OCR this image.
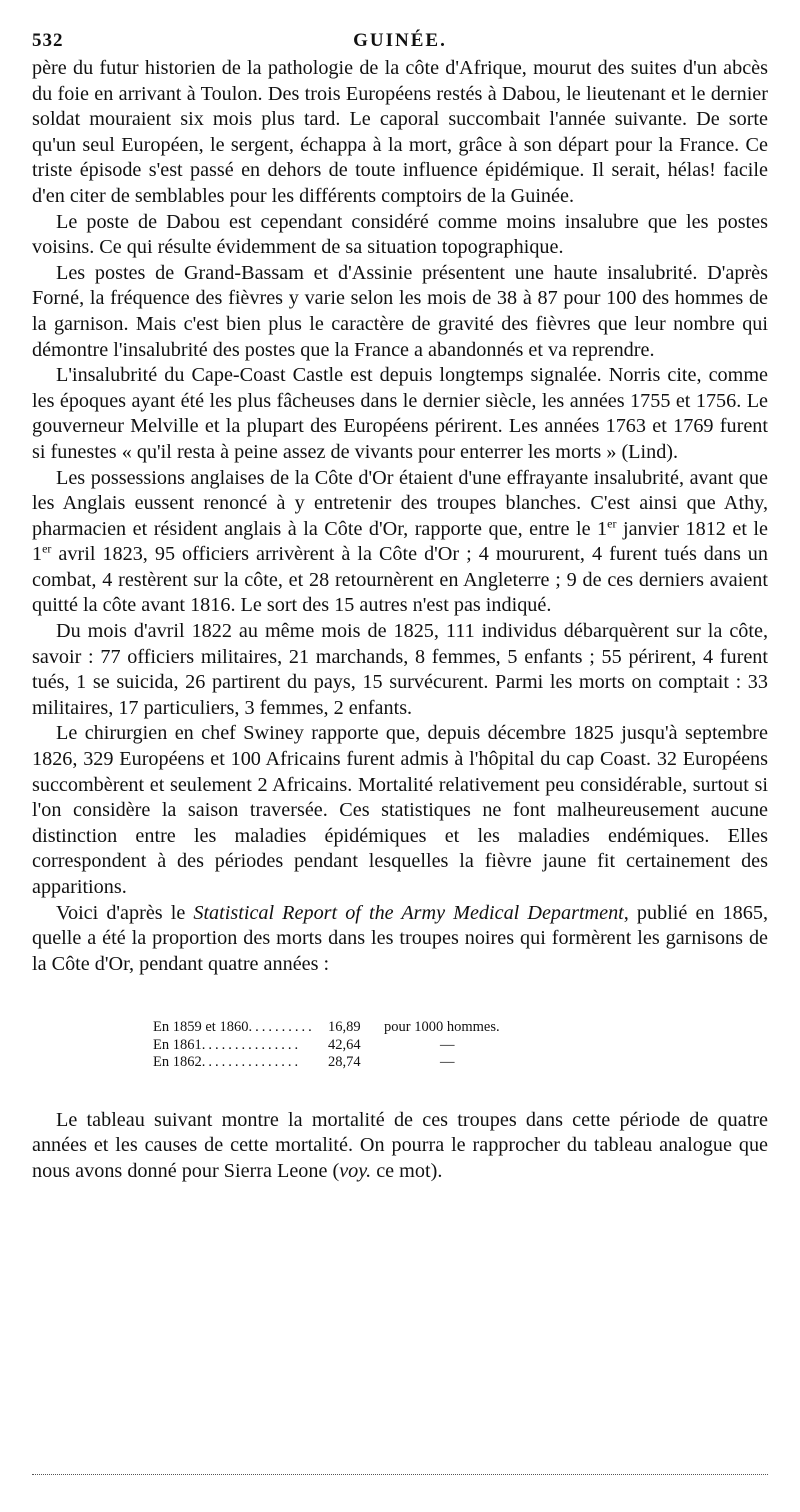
532	GUINÉE.

père du futur historien de la pathologie de la côte d'Afrique, mourut des suites d'un abcès du foie en arrivant à Toulon. Des trois Européens restés à Dabou, le lieutenant et le dernier soldat mouraient six mois plus tard. Le caporal succombait l'année suivante. De sorte qu'un seul Européen, le sergent, échappa à la mort, grâce à son départ pour la France. Ce triste épisode s'est passé en dehors de toute influence épidémique. Il serait, hélas! facile d'en citer de semblables pour les différents comptoirs de la Guinée.

Le poste de Dabou est cependant considéré comme moins insalubre que les postes voisins. Ce qui résulte évidemment de sa situation topographique.

Les postes de Grand-Bassam et d'Assinie présentent une haute insalubrité. D'après Forné, la fréquence des fièvres y varie selon les mois de 38 à 87 pour 100 des hommes de la garnison. Mais c'est bien plus le caractère de gravité des fièvres que leur nombre qui démontre l'insalubrité des postes que la France a abandonnés et va reprendre.

L'insalubrité du Cape-Coast Castle est depuis longtemps signalée. Norris cite, comme les époques ayant été les plus fâcheuses dans le dernier siècle, les années 1755 et 1756. Le gouverneur Melville et la plupart des Européens périrent. Les années 1763 et 1769 furent si funestes « qu'il resta à peine assez de vivants pour enterrer les morts » (Lind).

Les possessions anglaises de la Côte d'Or étaient d'une effrayante insalubrité, avant que les Anglais eussent renoncé à y entretenir des troupes blanches. C'est ainsi que Athy, pharmacien et résident anglais à la Côte d'Or, rapporte que, entre le 1er janvier 1812 et le 1er avril 1823, 95 officiers arrivèrent à la Côte d'Or ; 4 moururent, 4 furent tués dans un combat, 4 restèrent sur la côte, et 28 retournèrent en Angleterre ; 9 de ces derniers avaient quitté la côte avant 1816. Le sort des 15 autres n'est pas indiqué.

Du mois d'avril 1822 au même mois de 1825, 111 individus débarquèrent sur la côte, savoir : 77 officiers militaires, 21 marchands, 8 femmes, 5 enfants ; 55 périrent, 4 furent tués, 1 se suicida, 26 partirent du pays, 15 survécurent. Parmi les morts on comptait : 33 militaires, 17 particuliers, 3 femmes, 2 enfants.

Le chirurgien en chef Swiney rapporte que, depuis décembre 1825 jusqu'à septembre 1826, 329 Européens et 100 Africains furent admis à l'hôpital du cap Coast. 32 Européens succombèrent et seulement 2 Africains. Mortalité relativement peu considérable, surtout si l'on considère la saison traversée. Ces statistiques ne font malheureusement aucune distinction entre les maladies épidémiques et les maladies endémiques. Elles correspondent à des périodes pendant lesquelles la fièvre jaune fit certainement des apparitions.

Voici d'après le Statistical Report of the Army Medical Department, publié en 1865, quelle a été la proportion des morts dans les troupes noires qui formèrent les garnisons de la Côte d'Or, pendant quatre années :

En 1859 et 1860.......... 16,89	pour 1000 hommes.
En 1861...............	42,64	—
En 1862...............	28,74	—

Le tableau suivant montre la mortalité de ces troupes dans cette période de quatre années et les causes de cette mortalité. On pourra le rapprocher du tableau analogue que nous avons donné pour Sierra Leone (voy. ce mot).
